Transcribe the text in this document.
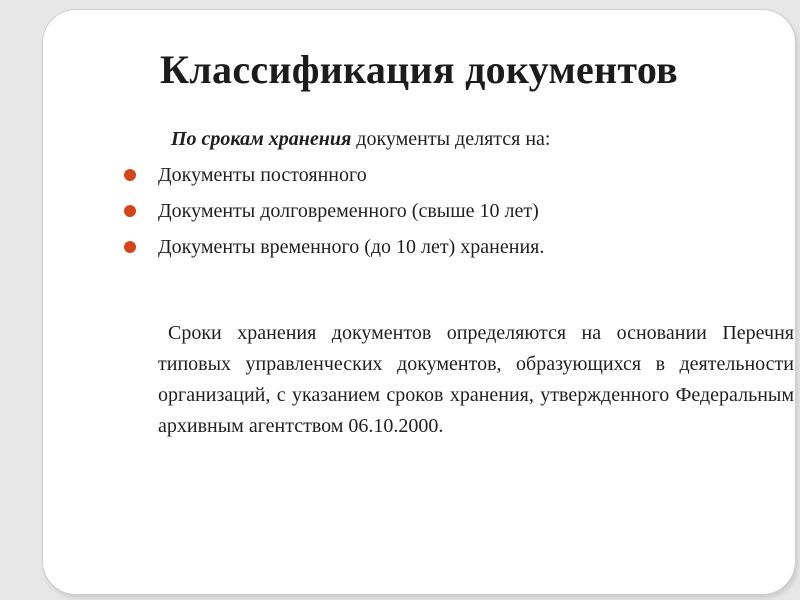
Классификация документов

По срокам хранения документы делятся на:

Документы постоянного
Документы долговременного (свыше 10 лет)
Документы временного (до 10 лет) хранения.

Сроки хранения документов определяются на основании Перечня типовых управленческих документов, образующихся в деятельности организаций, с указанием сроков хранения, утвержденного Федеральным архивным агентством 06.10.2000.
